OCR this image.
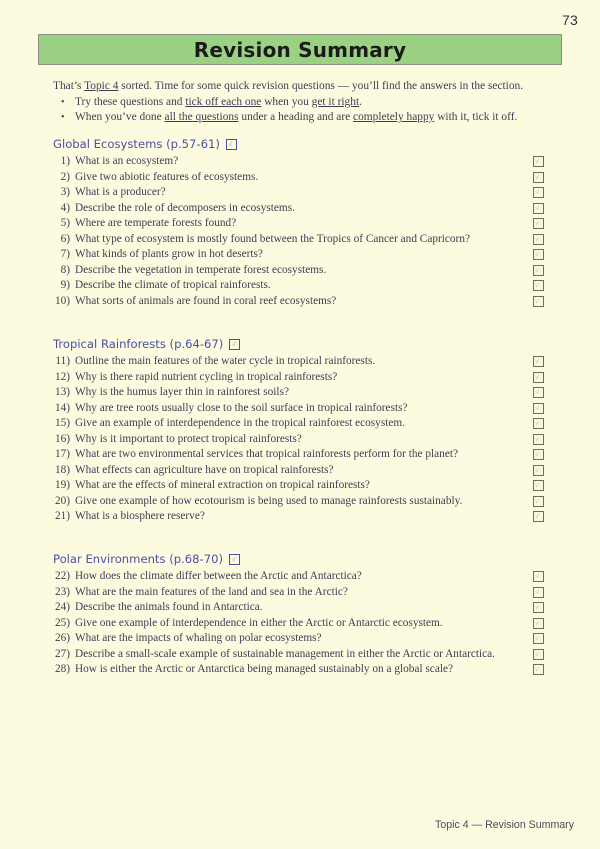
73
Revision Summary
That’s Topic 4 sorted. Time for some quick revision questions — you’ll find the answers in the section.
• Try these questions and tick off each one when you get it right.
• When you’ve done all the questions under a heading and are completely happy with it, tick it off.
Global Ecosystems (p.57-61)
1) What is an ecosystem?
2) Give two abiotic features of ecosystems.
3) What is a producer?
4) Describe the role of decomposers in ecosystems.
5) Where are temperate forests found?
6) What type of ecosystem is mostly found between the Tropics of Cancer and Capricorn?
7) What kinds of plants grow in hot deserts?
8) Describe the vegetation in temperate forest ecosystems.
9) Describe the climate of tropical rainforests.
10) What sorts of animals are found in coral reef ecosystems?
Tropical Rainforests (p.64-67)
11) Outline the main features of the water cycle in tropical rainforests.
12) Why is there rapid nutrient cycling in tropical rainforests?
13) Why is the humus layer thin in rainforest soils?
14) Why are tree roots usually close to the soil surface in tropical rainforests?
15) Give an example of interdependence in the tropical rainforest ecosystem.
16) Why is it important to protect tropical rainforests?
17) What are two environmental services that tropical rainforests perform for the planet?
18) What effects can agriculture have on tropical rainforests?
19) What are the effects of mineral extraction on tropical rainforests?
20) Give one example of how ecotourism is being used to manage rainforests sustainably.
21) What is a biosphere reserve?
Polar Environments (p.68-70)
22) How does the climate differ between the Arctic and Antarctica?
23) What are the main features of the land and sea in the Arctic?
24) Describe the animals found in Antarctica.
25) Give one example of interdependence in either the Arctic or Antarctic ecosystem.
26) What are the impacts of whaling on polar ecosystems?
27) Describe a small-scale example of sustainable management in either the Arctic or Antarctica.
28) How is either the Arctic or Antarctica being managed sustainably on a global scale?
Topic 4 — Revision Summary
